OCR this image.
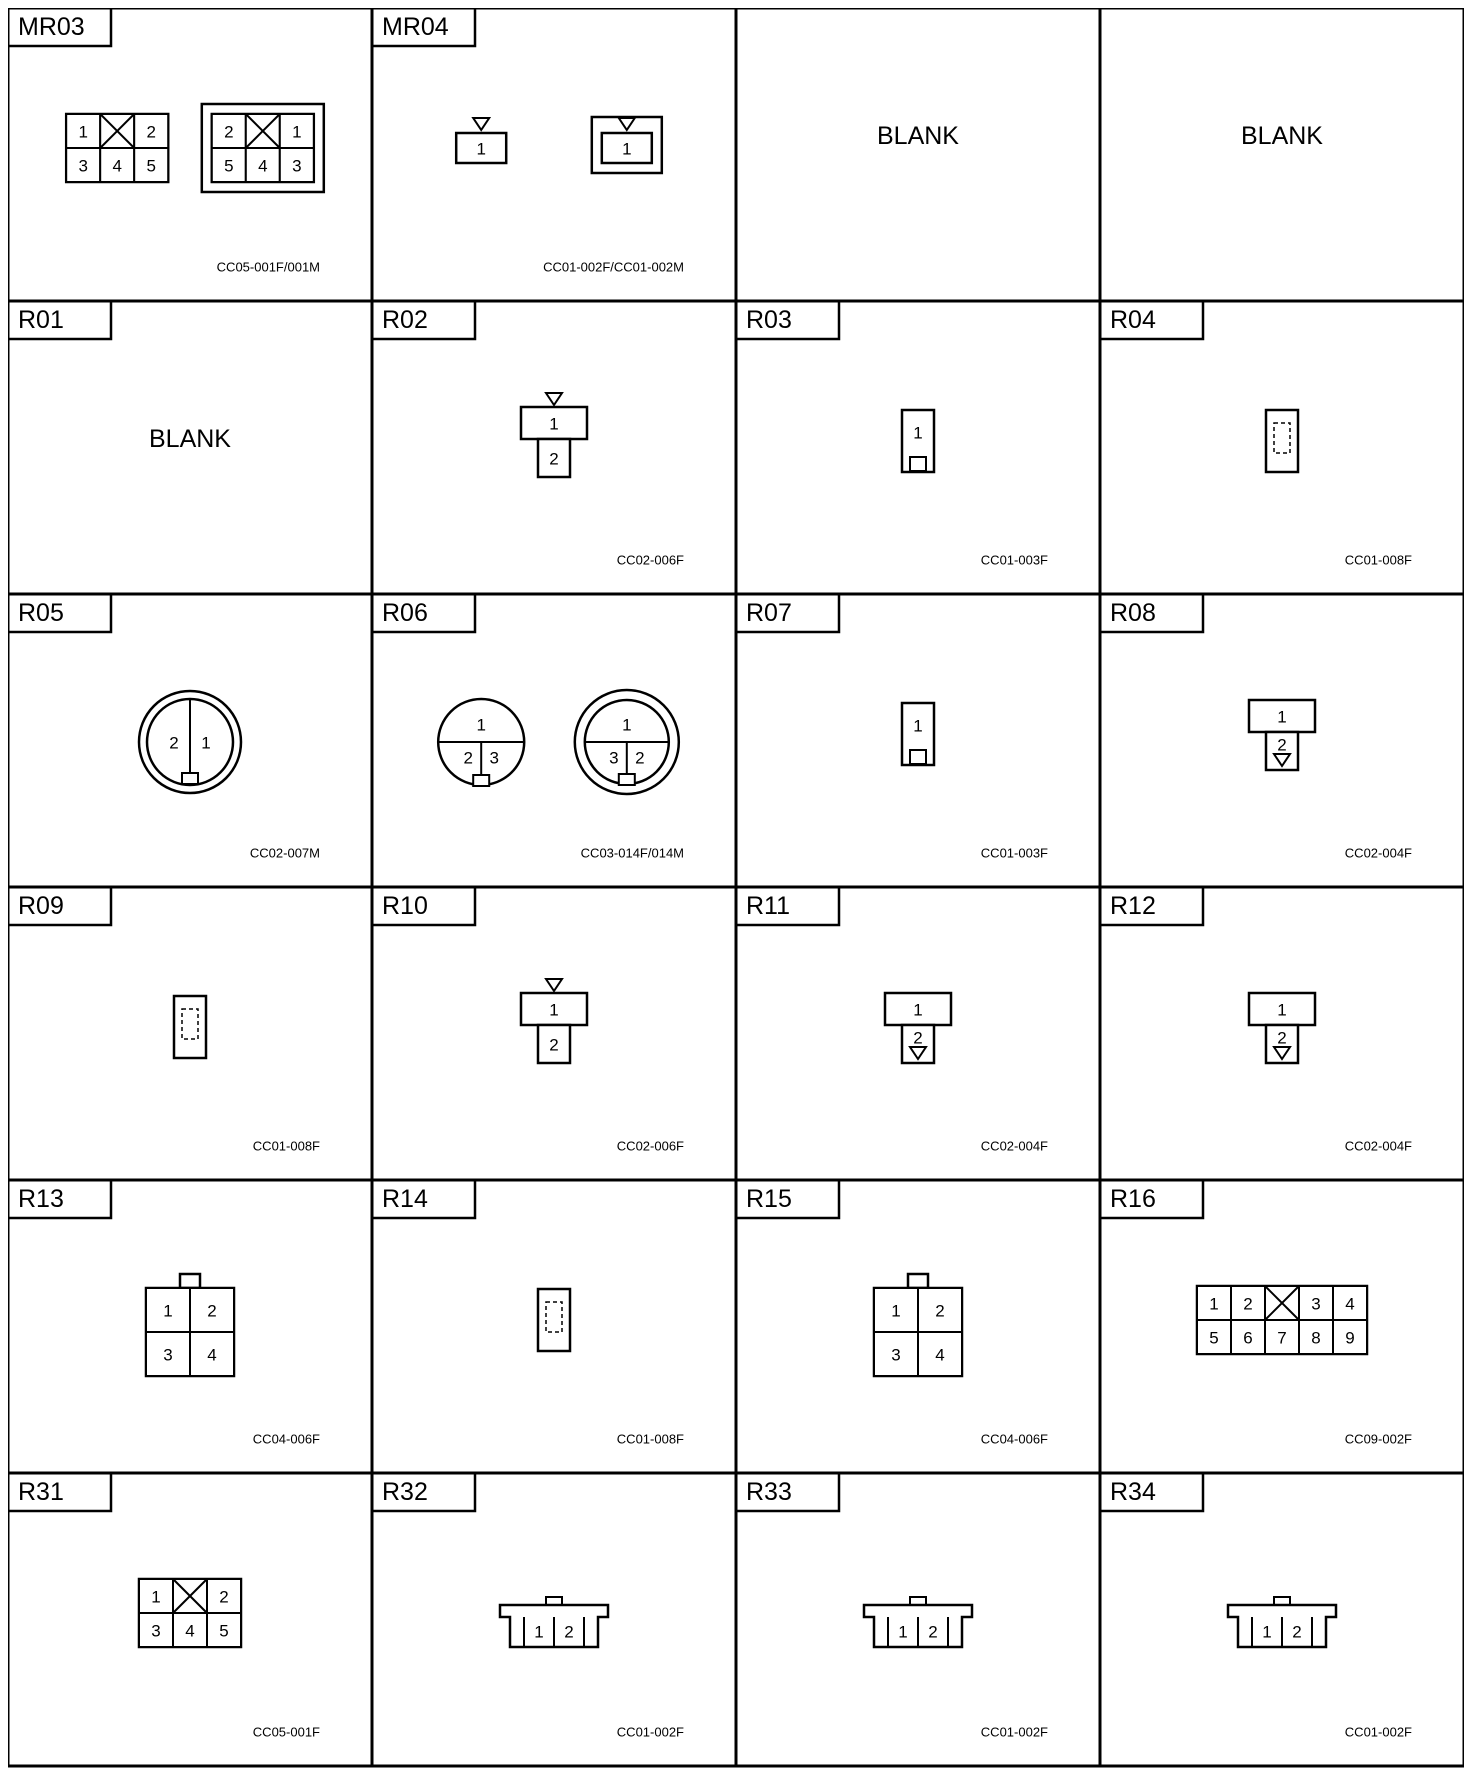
MR03
1	2
3 4 5
2	1
5 4 3
CC05-001F/001M
MR04
1	1
CC01-002F/CC01-002M
BLANK	BLANK
R01
BLANK
R02
1
2
CC02-006F
R03
1
CC01-003F
R04
CC01-008F
R05
2 1
CC02-007M
R06
1
2 3
1
3 2
CC03-014F/014M
R07
1
CC01-003F
R08
1
2
CC02-004F
R09
CC01-008F
R10
1
2
CC02-006F
R11
1
2
CC02-004F
R12
1
2
CC02-004F
R13
1 2
3 4
CC04-006F
R14
CC01-008F
R15
1 2
3 4
CC04-006F
R16
1 2	3 4
5 6 7 8 9
CC09-002F
R31
1	2
3 4 5
CC05-001F
R32
1 2
CC01-002F
R33
1 2
CC01-002F
R34
1 2
CC01-002F
